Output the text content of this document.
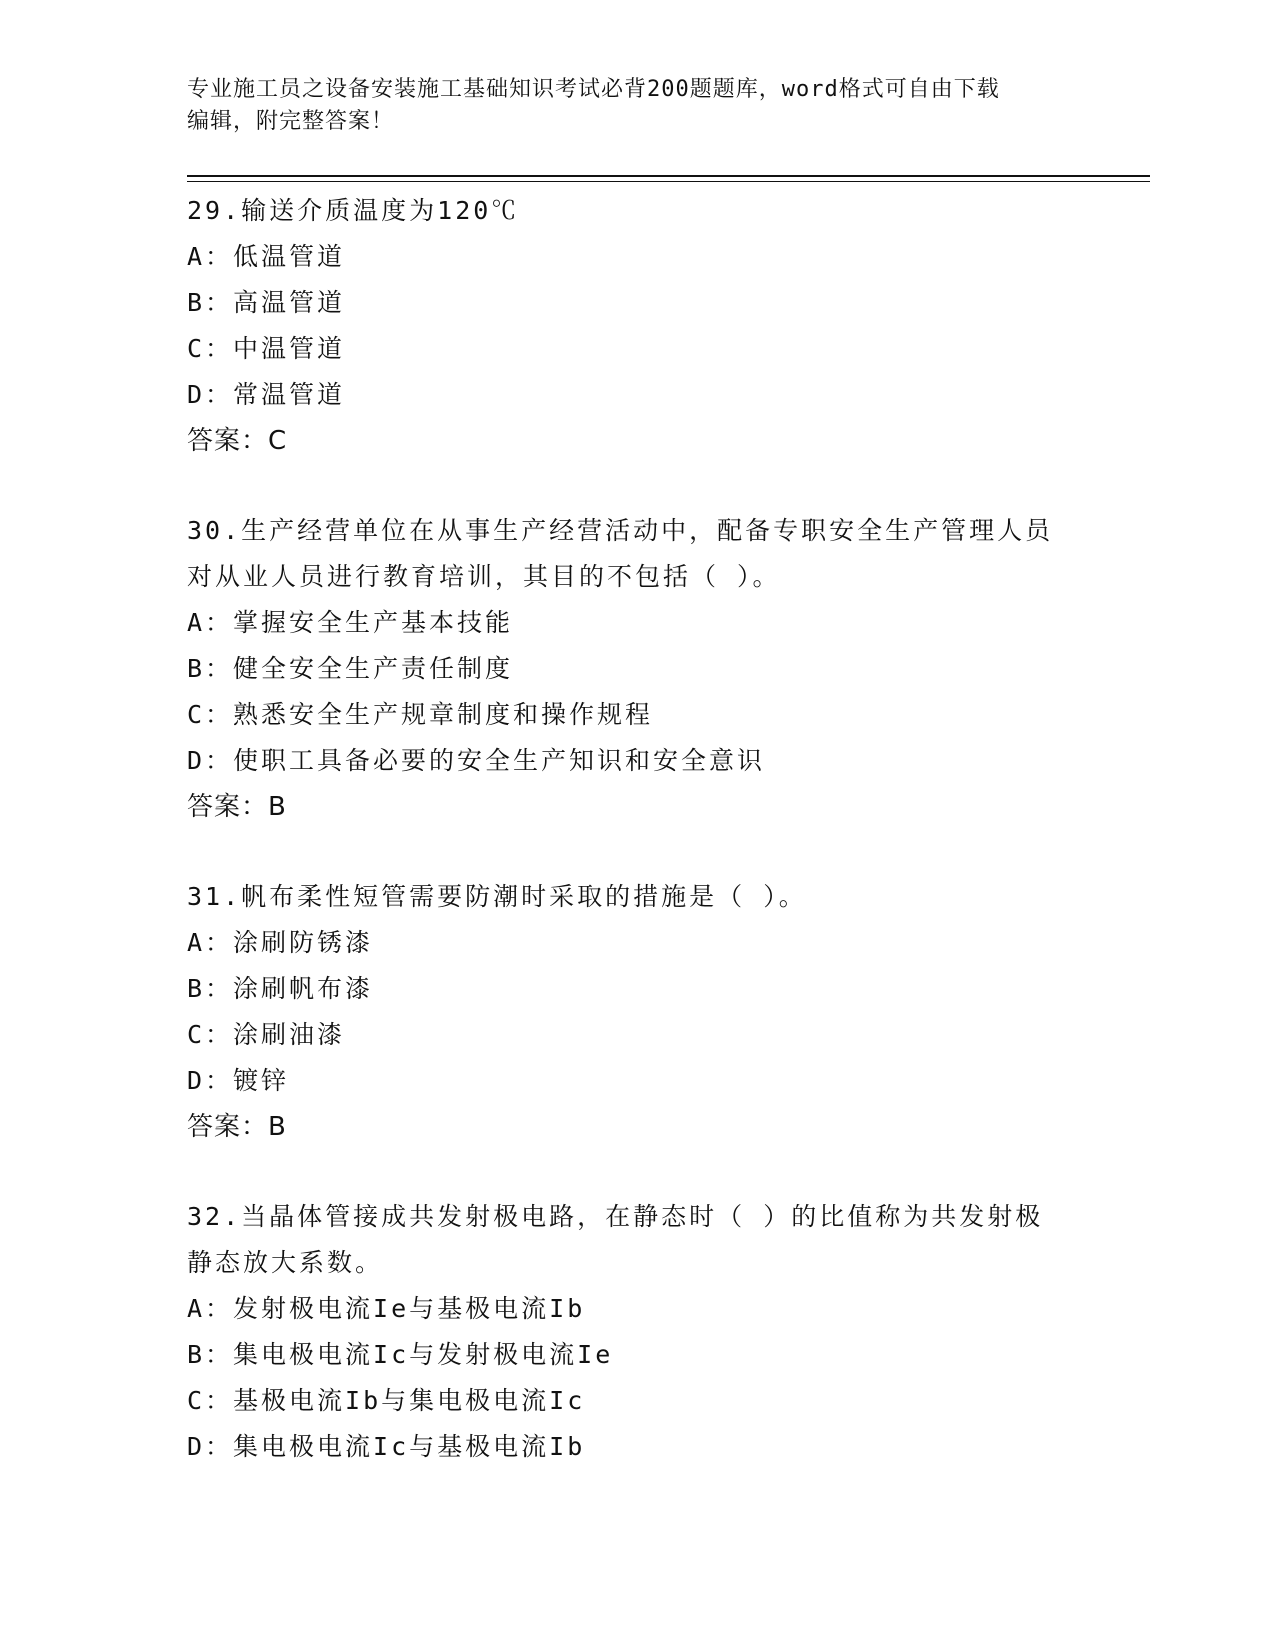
专业施工员之设备安装施工基础知识考试必背200题题库，word格式可自由下载
编辑，附完整答案！
29.输送介质温度为120℃
A：低温管道
B：高温管道
C：中温管道
D：常温管道
答案：C
30.生产经营单位在从事生产经营活动中，配备专职安全生产管理人员
对从业人员进行教育培训，其目的不包括（ ）。
A：掌握安全生产基本技能
B：健全安全生产责任制度
C：熟悉安全生产规章制度和操作规程
D：使职工具备必要的安全生产知识和安全意识
答案：B
31.帆布柔性短管需要防潮时采取的措施是（ ）。
A：涂刷防锈漆
B：涂刷帆布漆
C：涂刷油漆
D：镀锌
答案：B
32.当晶体管接成共发射极电路，在静态时（ ）的比值称为共发射极
静态放大系数。
A：发射极电流Ie与基极电流Ib
B：集电极电流Ic与发射极电流Ie
C：基极电流Ib与集电极电流Ic
D：集电极电流Ic与基极电流Ib
